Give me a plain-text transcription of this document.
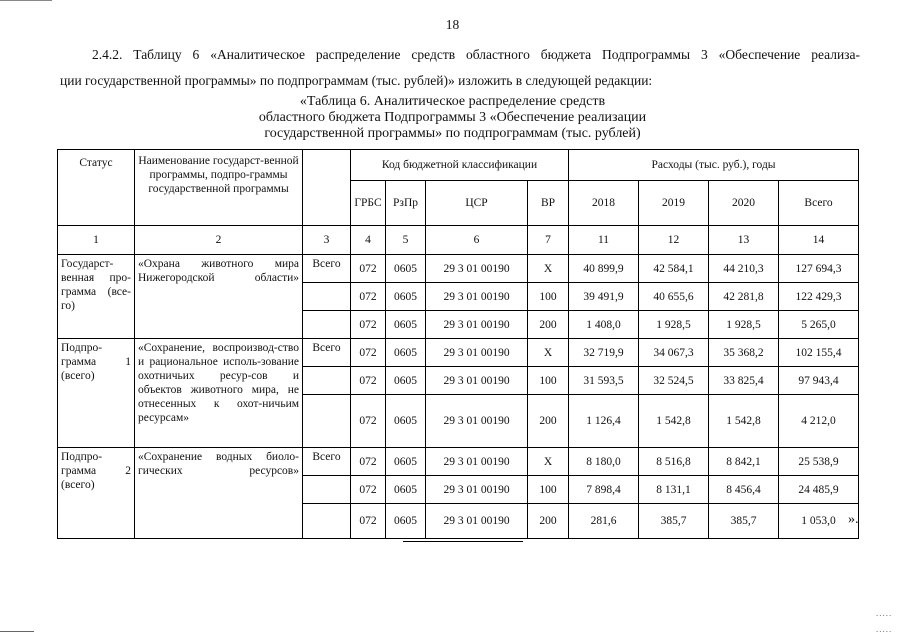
18
2.4.2. Таблицу 6 «Аналитическое распределение средств областного бюджета Подпрограммы 3 «Обеспечение реализа-
ции государственной программы» по подпрограммам (тыс. рублей)» изложить в следующей редакции:
«Таблица 6. Аналитическое распределение средств
областного бюджета Подпрограммы 3 «Обеспечение реализации
государственной программы» по подпрограммам (тыс. рублей)
Статус	Наименование государст-венной программы, подпро-граммы государственной программы		Код бюджетной классификации				Расходы (тыс. руб.), годы			
			ГРБС	РзПр	ЦСР	ВР	2018	2019	2020	Всего
1	2	3	4	5	6	7	11	12	13	14
Государст-венная про-грамма (все-го)	«Охрана животного мира Нижегородской области»	Всего	072	0605	29 3 01 00190	X	40 899,9	42 584,1	44 210,3	127 694,3
			072	0605	29 3 01 00190	100	39 491,9	40 655,6	42 281,8	122 429,3
			072	0605	29 3 01 00190	200	1 408,0	1 928,5	1 928,5	5 265,0
Подпро-грамма 1 (всего)	«Сохранение, воспроизвод-ство и рациональное исполь-зование охотничьих ресур-сов и объектов животного мира, не отнесенных к охот-ничьим ресурсам»	Всего	072	0605	29 3 01 00190	X	32 719,9	34 067,3	35 368,2	102 155,4
			072	0605	29 3 01 00190	100	31 593,5	32 524,5	33 825,4	97 943,4
			072	0605	29 3 01 00190	200	1 126,4	1 542,8	1 542,8	4 212,0
Подпро-грамма 2 (всего)	«Сохранение водных биоло-гических ресурсов»	Всего	072	0605	29 3 01 00190	X	8 180,0	8 516,8	8 842,1	25 538,9
			072	0605	29 3 01 00190	100	7 898,4	8 131,1	8 456,4	24 485,9
			072	0605	29 3 01 00190	200	281,6	385,7	385,7	1 053,0 ».
.....
.....
